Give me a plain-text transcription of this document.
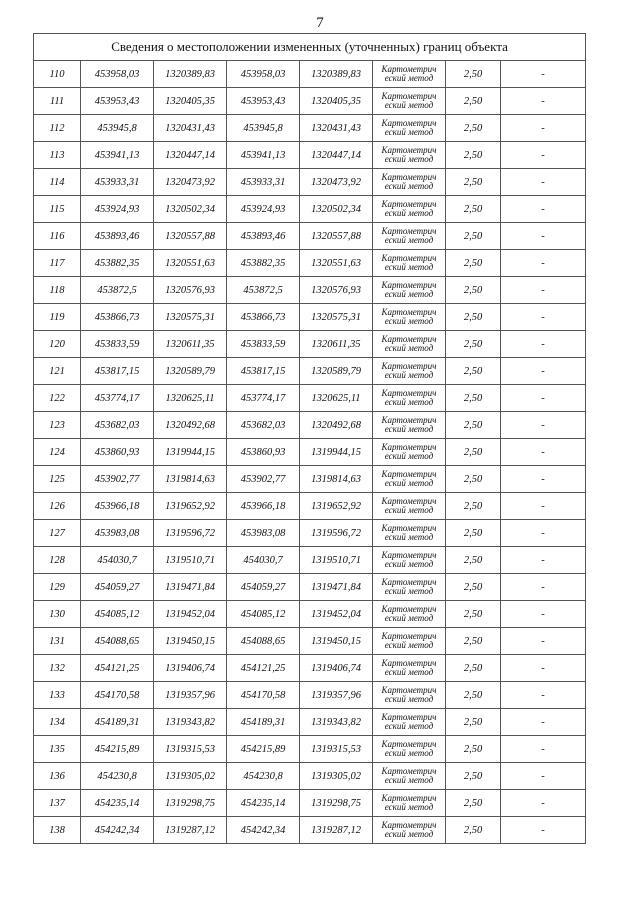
7
Сведения о местоположении измененных (уточненных) границ объекта							
110	453958,03	1320389,83	453958,03	1320389,83	Картометрич
еский метод	2,50	-
111	453953,43	1320405,35	453953,43	1320405,35	Картометрич
еский метод	2,50	-
112	453945,8	1320431,43	453945,8	1320431,43	Картометрич
еский метод	2,50	-
113	453941,13	1320447,14	453941,13	1320447,14	Картометрич
еский метод	2,50	-
114	453933,31	1320473,92	453933,31	1320473,92	Картометрич
еский метод	2,50	-
115	453924,93	1320502,34	453924,93	1320502,34	Картометрич
еский метод	2,50	-
116	453893,46	1320557,88	453893,46	1320557,88	Картометрич
еский метод	2,50	-
117	453882,35	1320551,63	453882,35	1320551,63	Картометрич
еский метод	2,50	-
118	453872,5	1320576,93	453872,5	1320576,93	Картометрич
еский метод	2,50	-
119	453866,73	1320575,31	453866,73	1320575,31	Картометрич
еский метод	2,50	-
120	453833,59	1320611,35	453833,59	1320611,35	Картометрич
еский метод	2,50	-
121	453817,15	1320589,79	453817,15	1320589,79	Картометрич
еский метод	2,50	-
122	453774,17	1320625,11	453774,17	1320625,11	Картометрич
еский метод	2,50	-
123	453682,03	1320492,68	453682,03	1320492,68	Картометрич
еский метод	2,50	-
124	453860,93	1319944,15	453860,93	1319944,15	Картометрич
еский метод	2,50	-
125	453902,77	1319814,63	453902,77	1319814,63	Картометрич
еский метод	2,50	-
126	453966,18	1319652,92	453966,18	1319652,92	Картометрич
еский метод	2,50	-
127	453983,08	1319596,72	453983,08	1319596,72	Картометрич
еский метод	2,50	-
128	454030,7	1319510,71	454030,7	1319510,71	Картометрич
еский метод	2,50	-
129	454059,27	1319471,84	454059,27	1319471,84	Картометрич
еский метод	2,50	-
130	454085,12	1319452,04	454085,12	1319452,04	Картометрич
еский метод	2,50	-
131	454088,65	1319450,15	454088,65	1319450,15	Картометрич
еский метод	2,50	-
132	454121,25	1319406,74	454121,25	1319406,74	Картометрич
еский метод	2,50	-
133	454170,58	1319357,96	454170,58	1319357,96	Картометрич
еский метод	2,50	-
134	454189,31	1319343,82	454189,31	1319343,82	Картометрич
еский метод	2,50	-
135	454215,89	1319315,53	454215,89	1319315,53	Картометрич
еский метод	2,50	-
136	454230,8	1319305,02	454230,8	1319305,02	Картометрич
еский метод	2,50	-
137	454235,14	1319298,75	454235,14	1319298,75	Картометрич
еский метод	2,50	-
138	454242,34	1319287,12	454242,34	1319287,12	Картометрич
еский метод	2,50	-
